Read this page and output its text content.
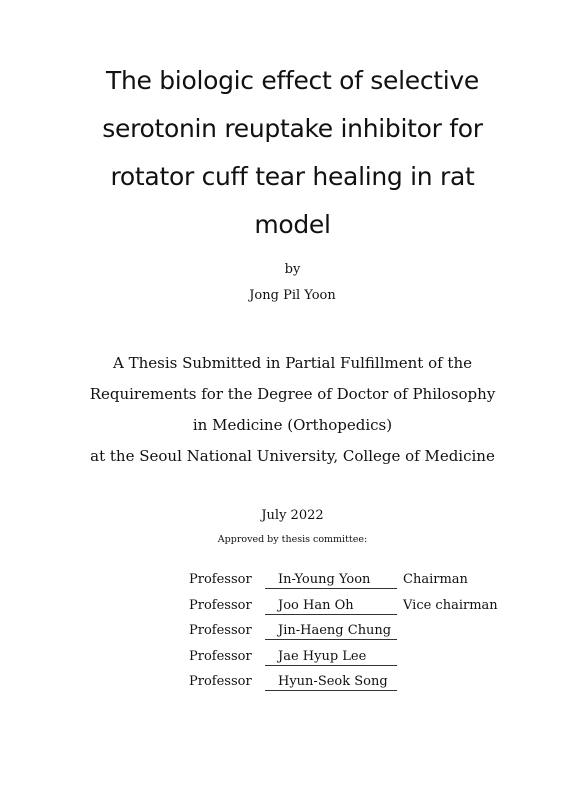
The biologic effect of selective
serotonin reuptake inhibitor for
rotator cuff tear healing in rat
model
by
Jong Pil Yoon
A Thesis Submitted in Partial Fulfillment of the
Requirements for the Degree of Doctor of Philosophy
in Medicine (Orthopedics)
at the Seoul National University, College of Medicine
July 2022
Approved by thesis committee:
Professor In-Young Yoon	Chairman
Professor Joo Han Oh	Vice chairman
Professor Jin-Haeng Chung
Professor Jae Hyup Lee
Professor Hyun-Seok Song
